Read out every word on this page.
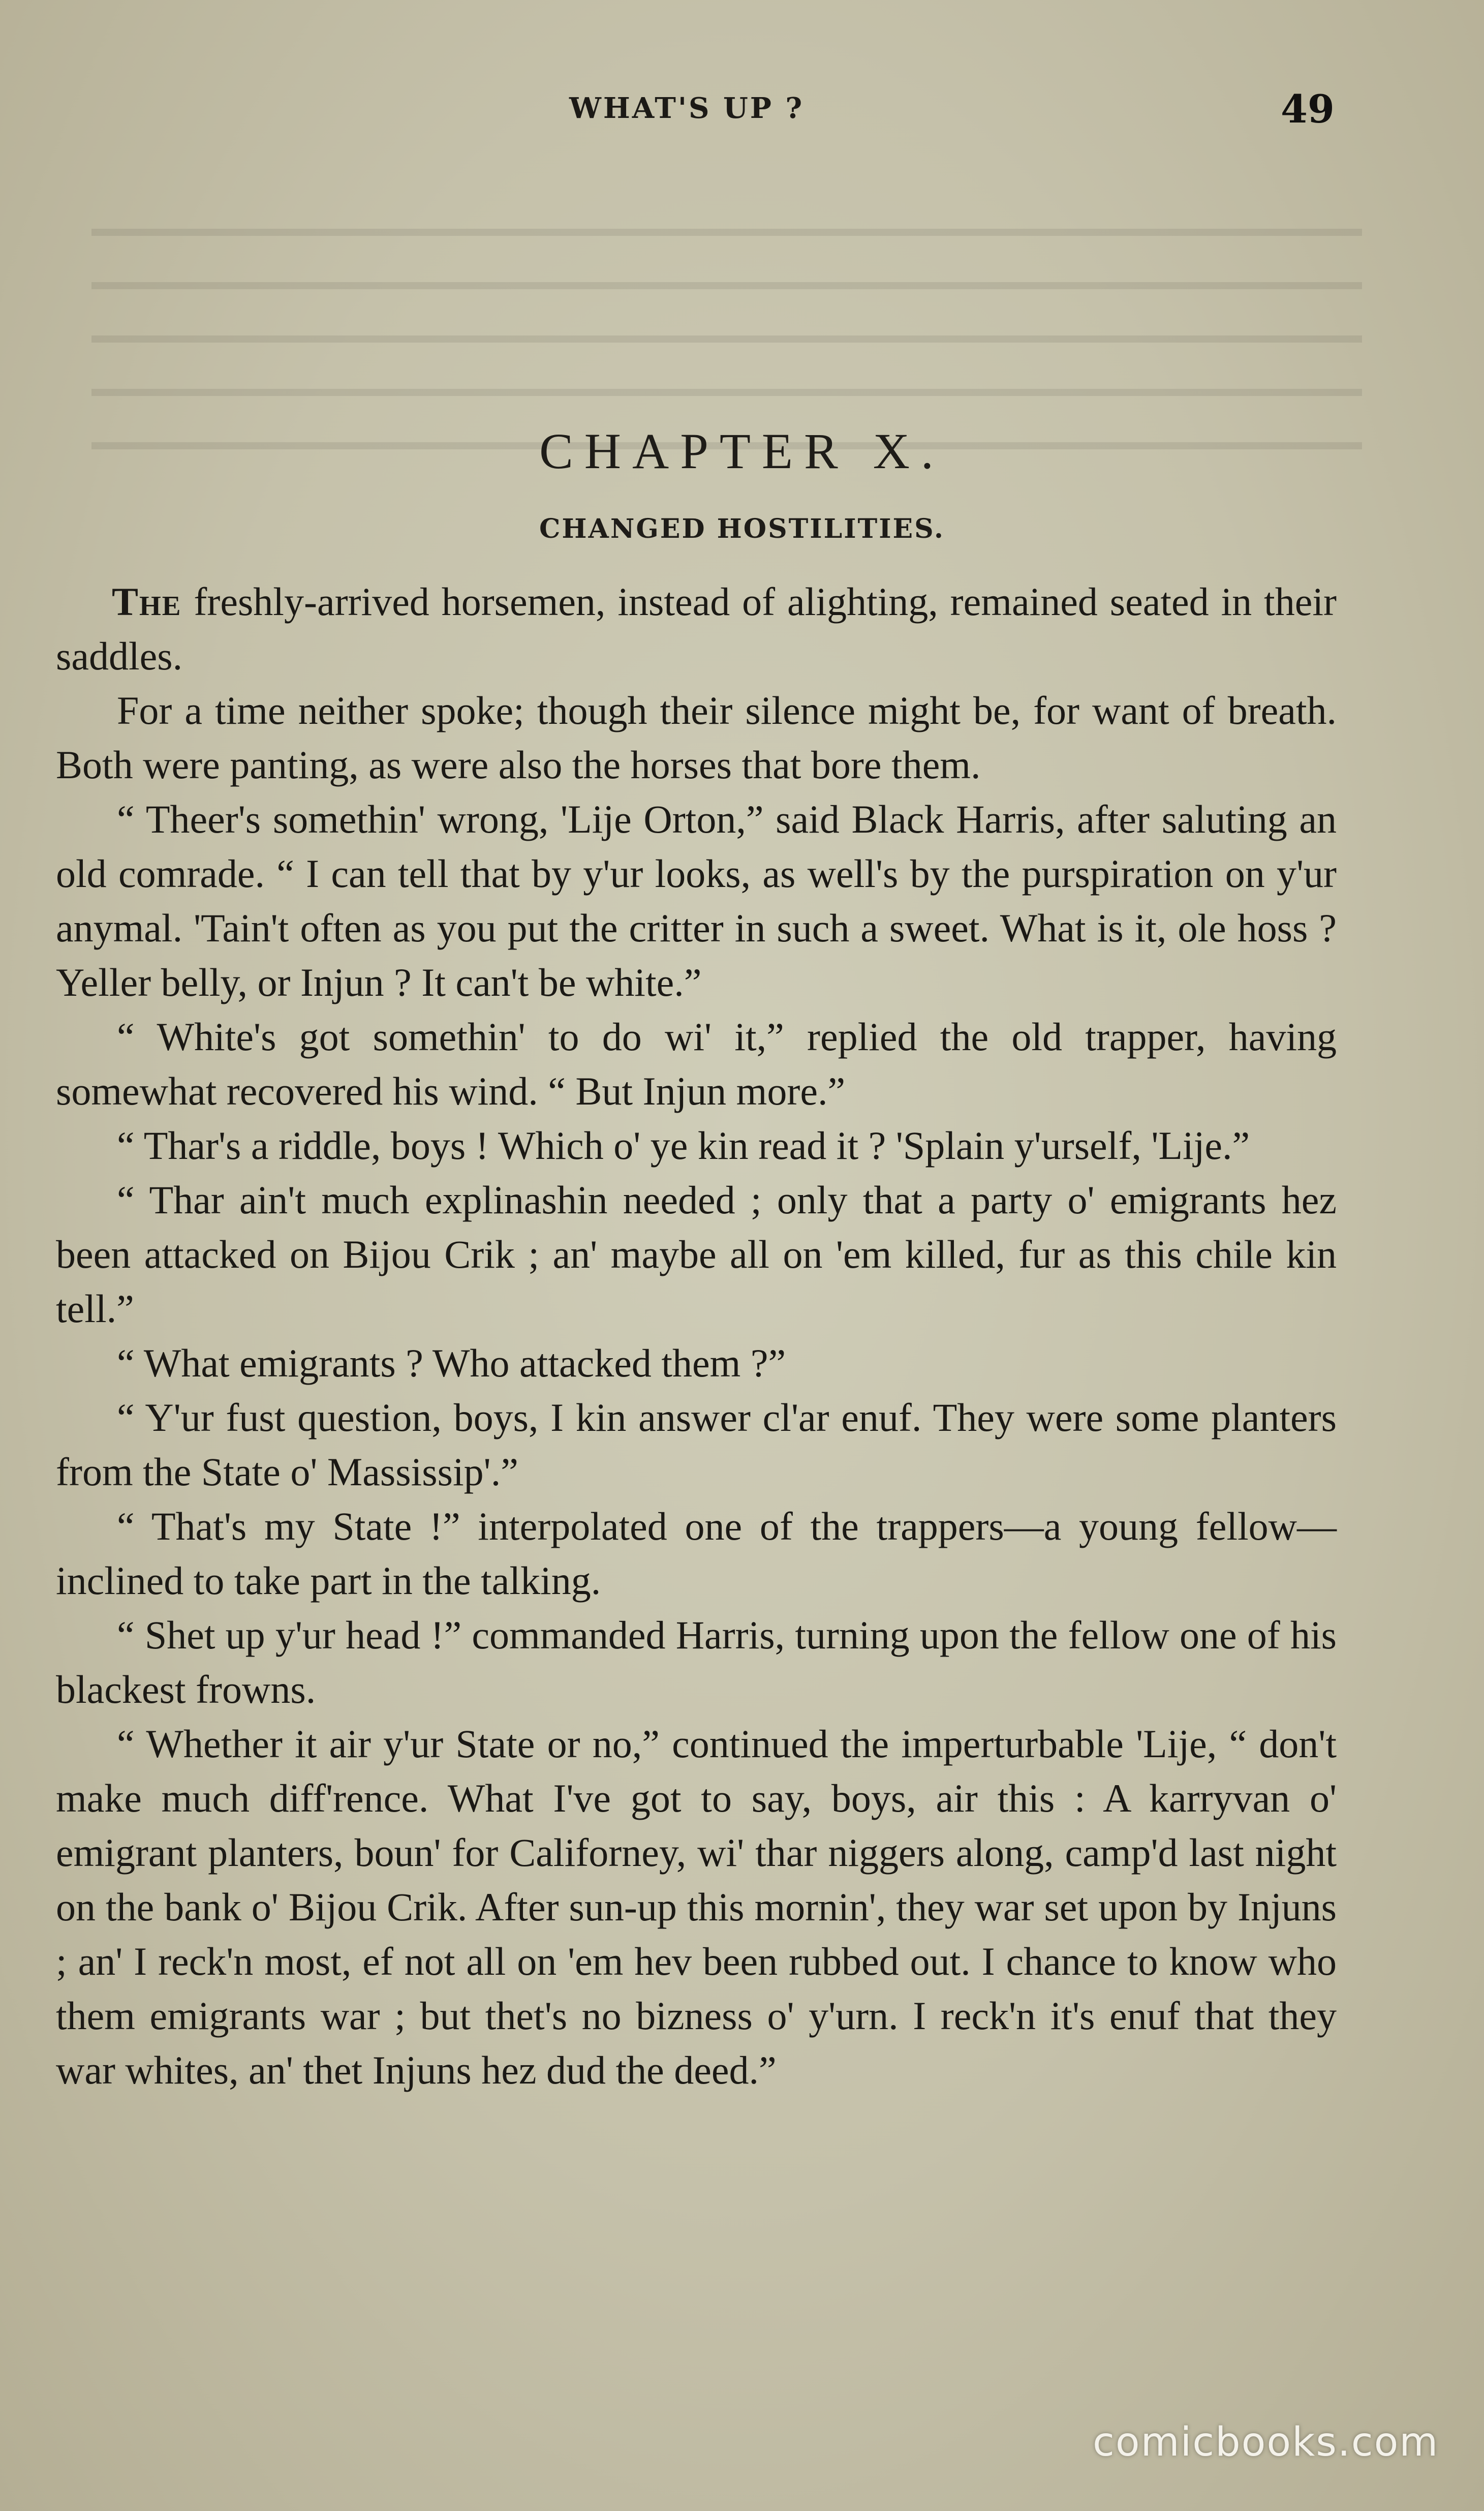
WHAT'S UP ?	49
CHAPTER X.
CHANGED HOSTILITIES.

The freshly-arrived horsemen, instead of alighting, remained seated in their saddles.

For a time neither spoke; though their silence might be, for want of breath. Both were panting, as were also the horses that bore them.

“ Theer's somethin' wrong, 'Lije Orton,” said Black Harris, after saluting an old comrade. “ I can tell that by y'ur looks, as well's by the purspiration on y'ur anymal. 'Tain't often as you put the critter in such a sweet. What is it, ole hoss ? Yeller belly, or Injun ? It can't be white.”

“ White's got somethin' to do wi' it,” replied the old trapper, having somewhat recovered his wind. “ But Injun more.”

“ Thar's a riddle, boys ! Which o' ye kin read it ? 'Splain y'urself, 'Lije.”

“ Thar ain't much explinashin needed ; only that a party o' emigrants hez been attacked on Bijou Crik ; an' maybe all on 'em killed, fur as this chile kin tell.”

“ What emigrants ? Who attacked them ?”

“ Y'ur fust question, boys, I kin answer cl'ar enuf. They were some planters from the State o' Massissip'.”

“ That's my State !” interpolated one of the trappers—a young fellow—inclined to take part in the talking.

“ Shet up y'ur head !” commanded Harris, turning upon the fellow one of his blackest frowns.

“ Whether it air y'ur State or no,” continued the imperturbable 'Lije, “ don't make much diff'rence. What I've got to say, boys, air this : A karryvan o' emigrant planters, boun' for Californey, wi' thar niggers along, camp'd last night on the bank o' Bijou Crik. After sun-up this mornin', they war set upon by Injuns ; an' I reck'n most, ef not all on 'em hev been rubbed out. I chance to know who them emigrants war ; but thet's no bizness o' y'urn. I reck'n it's enuf that they war whites, an' thet Injuns hez dud the deed.”

comicbooks.com
